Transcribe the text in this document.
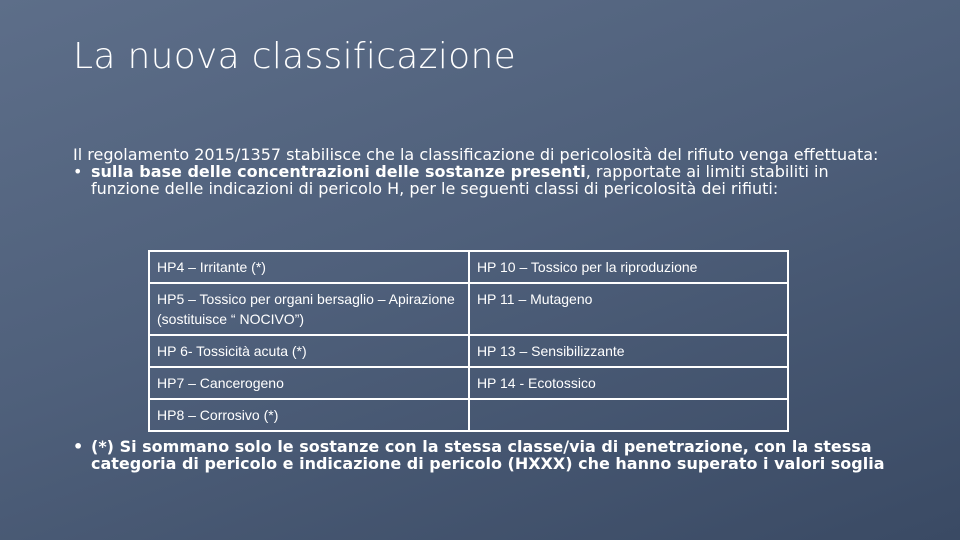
La nuova classificazione

Il regolamento 2015/1357 stabilisce che la classificazione di pericolosità del rifiuto venga effettuata:

• sulla base delle concentrazioni delle sostanze presenti, rapportate ai limiti stabiliti in funzione delle indicazioni di pericolo H, per le seguenti classi di pericolosità dei rifiuti:

HP4 – Irritante (*)	HP 10 – Tossico per la riproduzione
HP5 – Tossico per organi bersaglio – Apirazione (sostituisce “ NOCIVO”)	HP 11 – Mutageno
HP 6- Tossicità acuta (*)	HP 13 – Sensibilizzante
HP7 – Cancerogeno	HP 14 - Ecotossico
HP8 – Corrosivo (*)	

• (*) Si sommano solo le sostanze con la stessa classe/via di penetrazione, con la stessa categoria di pericolo e indicazione di pericolo (HXXX) che hanno superato i valori soglia
